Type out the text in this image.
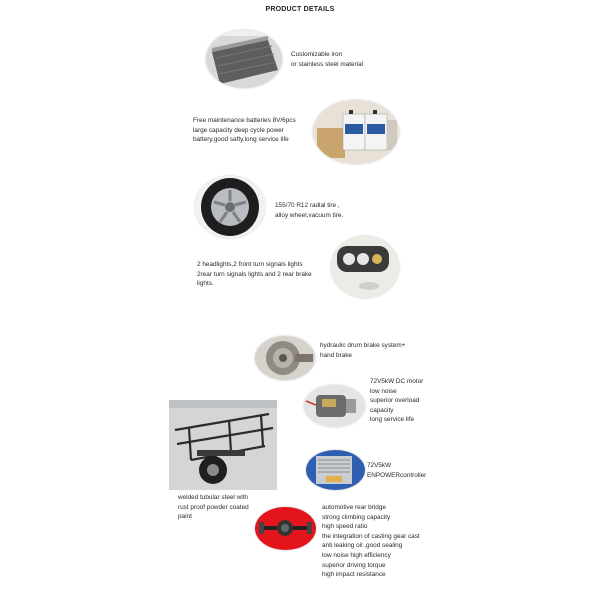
PRODUCT DETAILS
Customizable iron
or stainless steel material
Free maintenance batteries 8V/6pcs
large capacity deep cycle power
battery,good safty,long service life
155/70 R12 radial tire ,
alloy wheel,vacuum tire.
2 headlights,2 front turn signals lights
2rear turn signals lights and 2 rear brake
lights.
hydraulic drum brake system+
hand brake
72V5kW DC motor
low noise
superior overload
capacity
long service life
welded tubular steel with
rust proof powder coated
paint
72V5kW
ENPOWERcontroller
automotive rear bridge
strong climbing capacity
high speed ratio
the integration of casting gear cast
anti leaking oil ,good sealing
low noise high efficiency
superior driving torque
high impact resistance
